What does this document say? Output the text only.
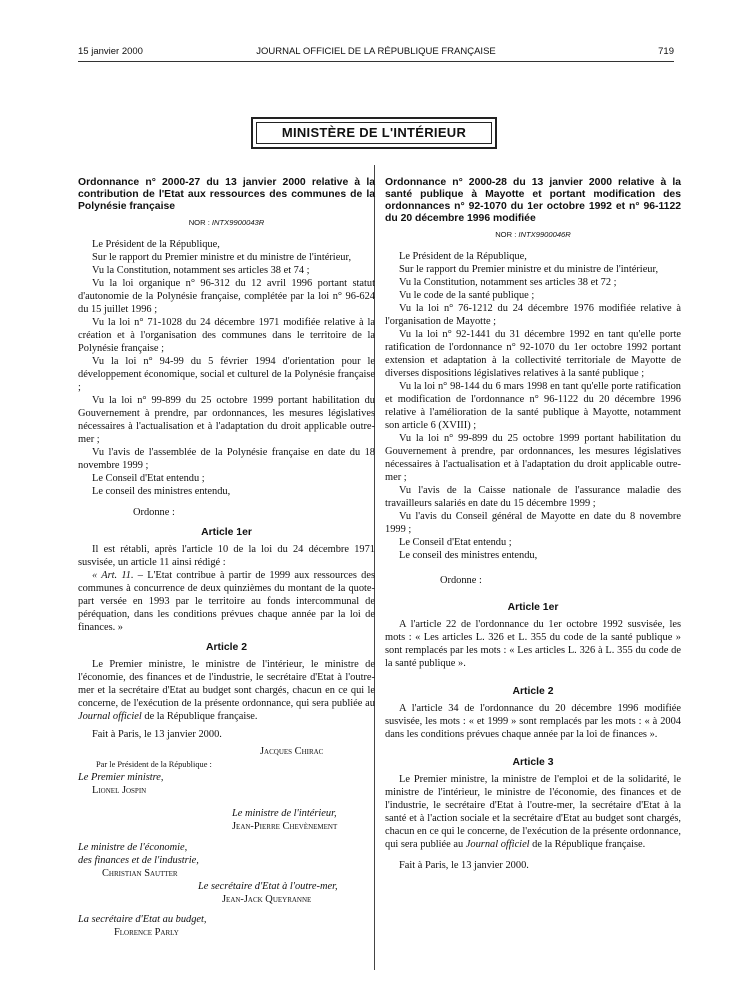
15 janvier 2000	JOURNAL OFFICIEL DE LA RÉPUBLIQUE FRANÇAISE	719
MINISTÈRE DE L'INTÉRIEUR
Ordonnance n° 2000-27 du 13 janvier 2000 relative à la contribution de l'Etat aux ressources des communes de la Polynésie française
NOR : INTX9900043R

Le Président de la République,

Sur le rapport du Premier ministre et du ministre de l'intérieur,

Vu la Constitution, notamment ses articles 38 et 74 ;

Vu la loi organique n° 96-312 du 12 avril 1996 portant statut d'autonomie de la Polynésie française, complétée par la loi n° 96-624 du 15 juillet 1996 ;

Vu la loi n° 71-1028 du 24 décembre 1971 modifiée relative à la création et à l'organisation des communes dans le territoire de la Polynésie française ;

Vu la loi n° 94-99 du 5 février 1994 d'orientation pour le développement économique, social et culturel de la Polynésie française ;

Vu la loi n° 99-899 du 25 octobre 1999 portant habilitation du Gouvernement à prendre, par ordonnances, les mesures législatives nécessaires à l'actualisation et à l'adaptation du droit applicable outre-mer ;

Vu l'avis de l'assemblée de la Polynésie française en date du 18 novembre 1999 ;

Le Conseil d'Etat entendu ;

Le conseil des ministres entendu,

Ordonne :

Article 1er

Il est rétabli, après l'article 10 de la loi du 24 décembre 1971 susvisée, un article 11 ainsi rédigé :

« Art. 11. – L'Etat contribue à partir de 1999 aux ressources des communes à concurrence de deux quinzièmes du montant de la quote-part versée en 1993 par le territoire au fonds intercommunal de péréquation, dans les conditions prévues chaque année par la loi de finances. »

Article 2

Le Premier ministre, le ministre de l'intérieur, le ministre de l'économie, des finances et de l'industrie, le secrétaire d'Etat à l'outre-mer et la secrétaire d'Etat au budget sont chargés, chacun en ce qui le concerne, de l'exécution de la présente ordonnance, qui sera publiée au Journal officiel de la République française.

Fait à Paris, le 13 janvier 2000.

Jacques Chirac

Par le Président de la République :

Le Premier ministre,

Lionel Jospin

Le ministre de l'intérieur,

Jean-Pierre Chevènement

Le ministre de l'économie,

des finances et de l'industrie,

Christian Sautter

Le secrétaire d'Etat à l'outre-mer,

Jean-Jack Queyranne

La secrétaire d'Etat au budget,

Florence Parly

Ordonnance n° 2000-28 du 13 janvier 2000 relative à la santé publique à Mayotte et portant modification des ordonnances n° 92-1070 du 1er octobre 1992 et n° 96-1122 du 20 décembre 1996 modifiée
NOR : INTX9900046R

Le Président de la République,

Sur le rapport du Premier ministre et du ministre de l'intérieur,

Vu la Constitution, notamment ses articles 38 et 72 ;

Vu le code de la santé publique ;

Vu la loi n° 76-1212 du 24 décembre 1976 modifiée relative à l'organisation de Mayotte ;

Vu la loi n° 92-1441 du 31 décembre 1992 en tant qu'elle porte ratification de l'ordonnance n° 92-1070 du 1er octobre 1992 portant extension et adaptation à la collectivité territoriale de Mayotte de diverses dispositions législatives relatives à la santé publique ;

Vu la loi n° 98-144 du 6 mars 1998 en tant qu'elle porte ratification et modification de l'ordonnance n° 96-1122 du 20 décembre 1996 relative à l'amélioration de la santé publique à Mayotte, notamment son article 6 (XVIII) ;

Vu la loi n° 99-899 du 25 octobre 1999 portant habilitation du Gouvernement à prendre, par ordonnances, les mesures législatives nécessaires à l'actualisation et à l'adaptation du droit applicable outre-mer ;

Vu l'avis de la Caisse nationale de l'assurance maladie des travailleurs salariés en date du 15 décembre 1999 ;

Vu l'avis du Conseil général de Mayotte en date du 8 novembre 1999 ;

Le Conseil d'Etat entendu ;

Le conseil des ministres entendu,

Ordonne :

Article 1er

A l'article 22 de l'ordonnance du 1er octobre 1992 susvisée, les mots : « Les articles L. 326 et L. 355 du code de la santé publique » sont remplacés par les mots : « Les articles L. 326 à L. 355 du code de la santé publique ».

Article 2

A l'article 34 de l'ordonnance du 20 décembre 1996 modifiée susvisée, les mots : « et 1999 » sont remplacés par les mots : « à 2004 dans les conditions prévues chaque année par la loi de finances ».

Article 3

Le Premier ministre, la ministre de l'emploi et de la solidarité, le ministre de l'intérieur, le ministre de l'économie, des finances et de l'industrie, le secrétaire d'Etat à l'outre-mer, la secrétaire d'Etat à la santé et à l'action sociale et la secrétaire d'Etat au budget sont chargés, chacun en ce qui le concerne, de l'exécution de la présente ordonnance, qui sera publiée au Journal officiel de la République française.

Fait à Paris, le 13 janvier 2000.
